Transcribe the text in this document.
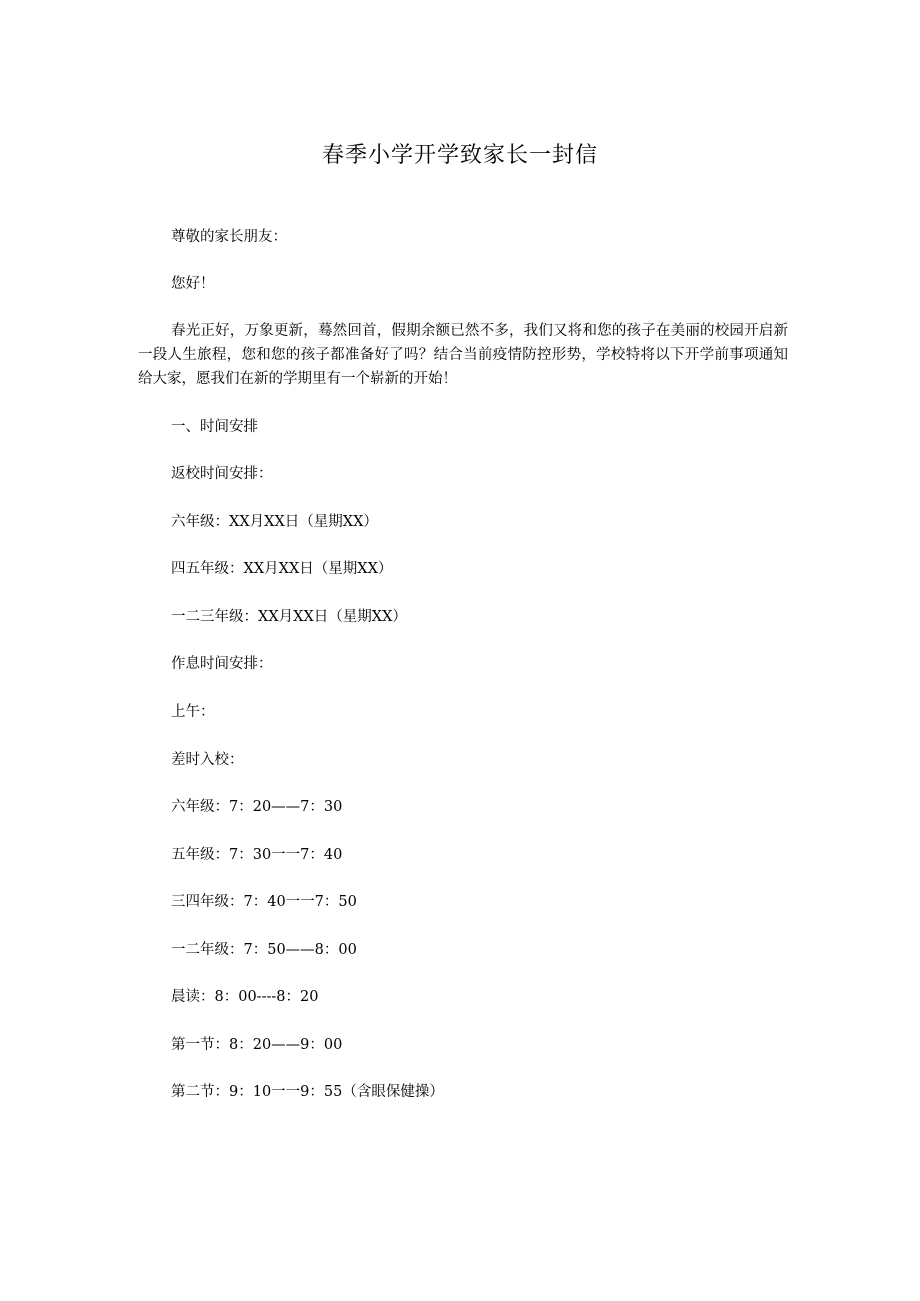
春季小学开学致家长一封信

尊敬的家长朋友：

您好！

春光正好，万象更新，蓦然回首，假期余额已然不多，我们又将和您的孩子在美丽的校园开启新一段人生旅程，您和您的孩子都准备好了吗？结合当前疫情防控形势，学校特将以下开学前事项通知给大家，愿我们在新的学期里有一个崭新的开始！

一、时间安排

返校时间安排：

六年级：XX月XX日（星期XX）

四五年级：XX月XX日（星期XX）

一二三年级：XX月XX日（星期XX）

作息时间安排：

上午：

差时入校：

六年级：7：20——7：30

五年级：7：30一一7：40

三四年级：7：40一一7：50

一二年级：7：50——8：00

晨读：8：00----8：20

第一节：8：20——9：00

第二节：9：10一一9：55（含眼保健操）
